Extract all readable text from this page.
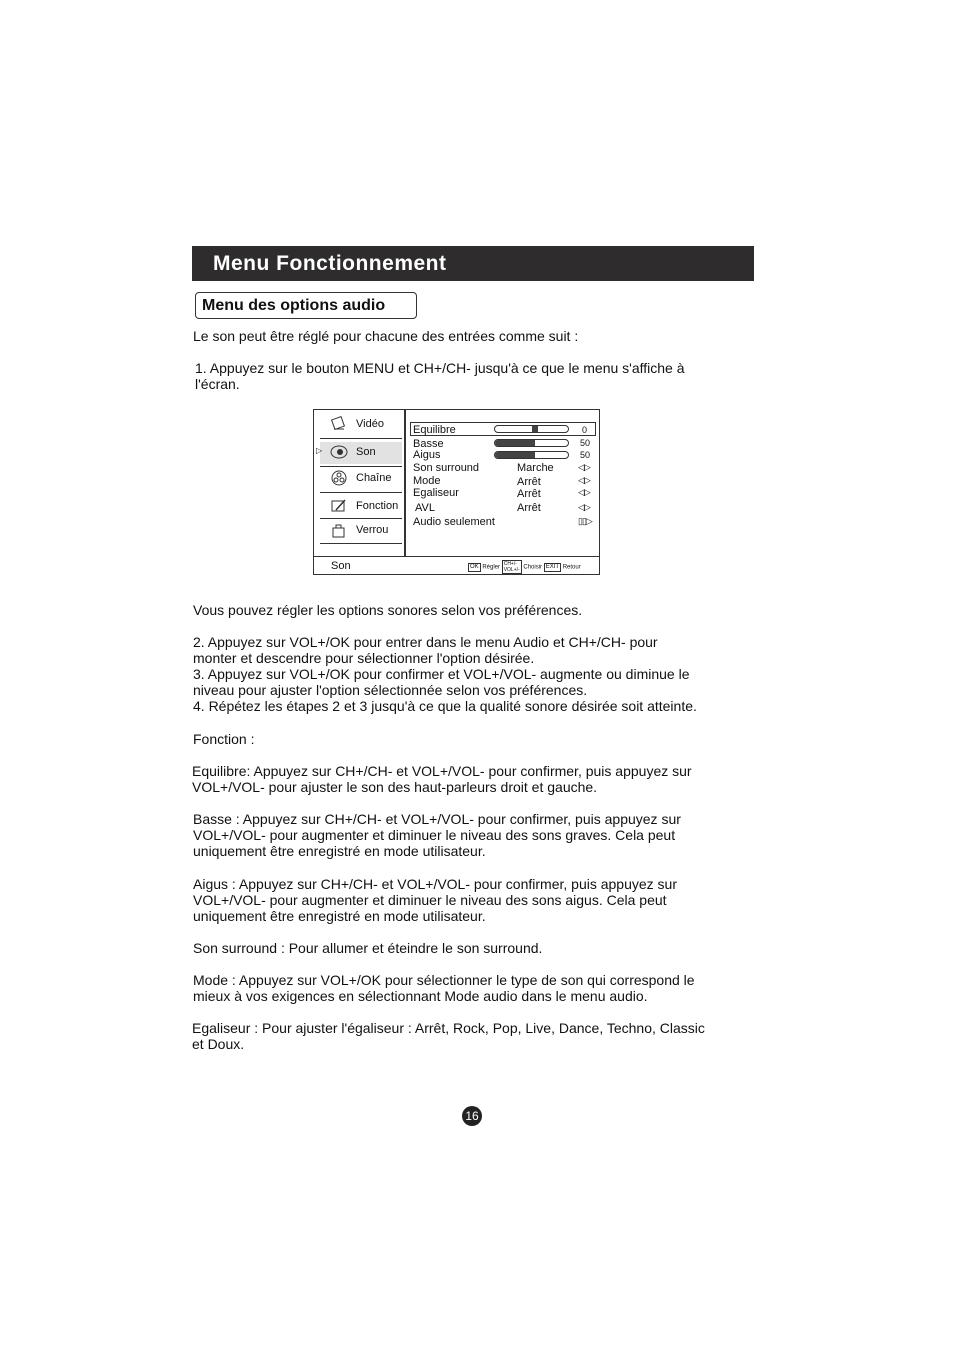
Menu Fonctionnement
Menu des options audio

Le son peut être réglé pour chacune des entrées comme suit :

1. Appuyez sur le bouton MENU et CH+/CH- jusqu'à ce que le menu s'affiche à
l'écran.

Vidéo
▷	Son
Chaîne
Fonction
Verrou
Equilibre	0
Basse	50
Aigus	50
Son surround	Marche	◁▷
Mode	Arrêt	◁▷
Egaliseur	Arrêt	◁▷
AVL	Arrêt	◁▷
Audio seulement	▯▯▷
Son	OK Régler CH+/-
VOL+/- Choisir EXIT Retour

Vous pouvez régler les options sonores selon vos préférences.

2. Appuyez sur VOL+/OK pour entrer dans le menu Audio et CH+/CH- pour
monter et descendre pour sélectionner l'option désirée.
3. Appuyez sur VOL+/OK pour confirmer et VOL+/VOL- augmente ou diminue le
niveau pour ajuster l'option sélectionnée selon vos préférences.
4. Répétez les étapes 2 et 3 jusqu'à ce que la qualité sonore désirée soit atteinte.

Fonction :

Equilibre: Appuyez sur CH+/CH- et VOL+/VOL- pour confirmer, puis appuyez sur
VOL+/VOL- pour ajuster le son des haut-parleurs droit et gauche.

Basse : Appuyez sur CH+/CH- et VOL+/VOL- pour confirmer, puis appuyez sur
VOL+/VOL- pour augmenter et diminuer le niveau des sons graves. Cela peut
uniquement être enregistré en mode utilisateur.

Aigus : Appuyez sur CH+/CH- et VOL+/VOL- pour confirmer, puis appuyez sur
VOL+/VOL- pour augmenter et diminuer le niveau des sons aigus. Cela peut
uniquement être enregistré en mode utilisateur.

Son surround : Pour allumer et éteindre le son surround.

Mode : Appuyez sur VOL+/OK pour sélectionner le type de son qui correspond le
mieux à vos exigences en sélectionnant Mode audio dans le menu audio.

Egaliseur : Pour ajuster l'égaliseur : Arrêt, Rock, Pop, Live, Dance, Techno, Classic
et Doux.

16
